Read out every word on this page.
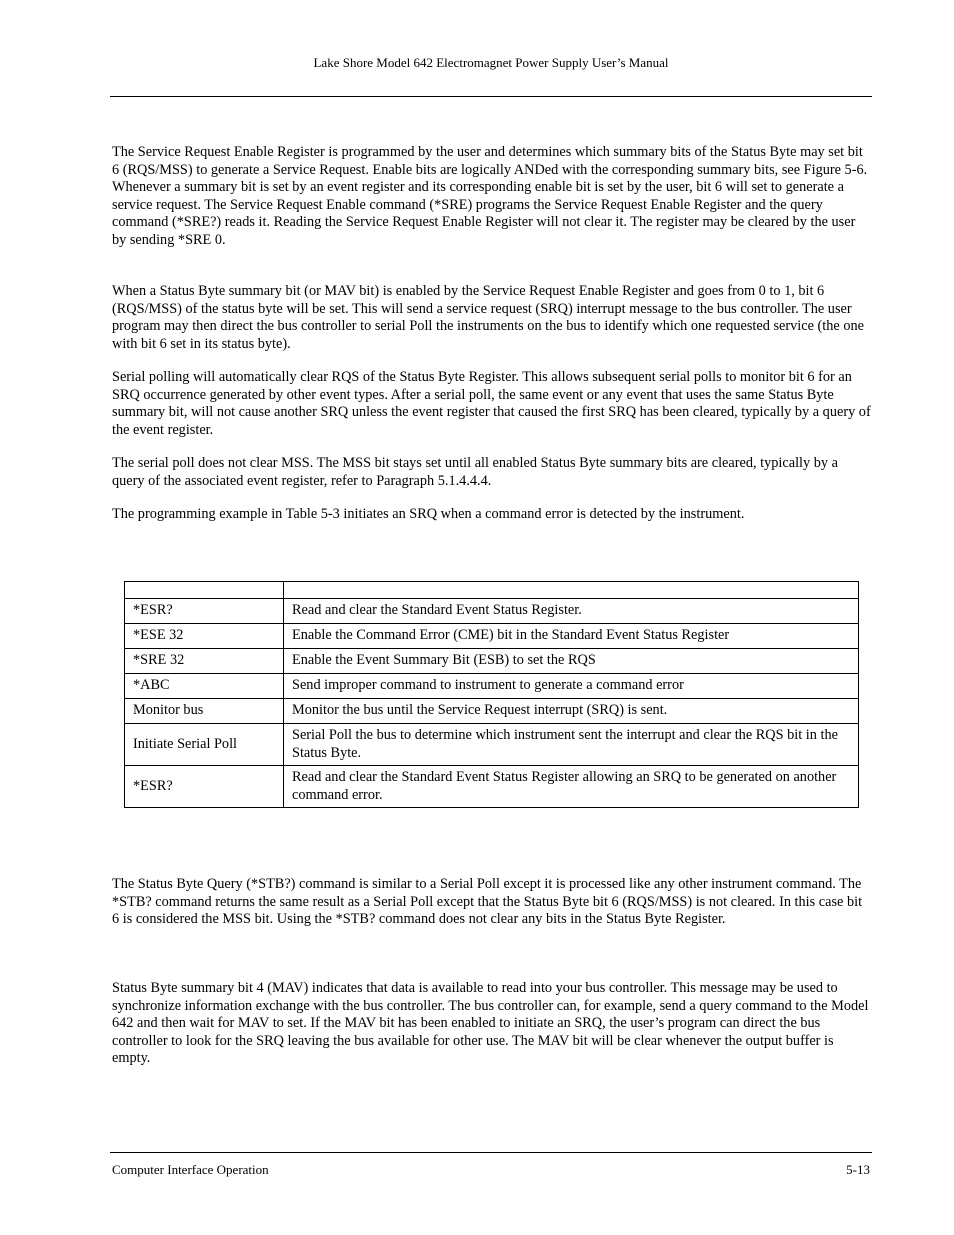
Lake Shore Model 642 Electromagnet Power Supply User’s Manual

The Service Request Enable Register is programmed by the user and determines which summary bits of the Status Byte may set bit 6 (RQS/MSS) to generate a Service Request. Enable bits are logically ANDed with the corresponding summary bits, see Figure 5-6. Whenever a summary bit is set by an event register and its corresponding enable bit is set by the user, bit 6 will set to generate a service request. The Service Request Enable command (*SRE) programs the Service Request Enable Register and the query command (*SRE?) reads it. Reading the Service Request Enable Register will not clear it. The register may be cleared by the user by sending *SRE 0.

When a Status Byte summary bit (or MAV bit) is enabled by the Service Request Enable Register and goes from 0 to 1, bit 6 (RQS/MSS) of the status byte will be set. This will send a service request (SRQ) interrupt message to the bus controller. The user program may then direct the bus controller to serial Poll the instruments on the bus to identify which one requested service (the one with bit 6 set in its status byte).

Serial polling will automatically clear RQS of the Status Byte Register. This allows subsequent serial polls to monitor bit 6 for an SRQ occurrence generated by other event types. After a serial poll, the same event or any event that uses the same Status Byte summary bit, will not cause another SRQ unless the event register that caused the first SRQ has been cleared, typically by a query of the event register.

The serial poll does not clear MSS. The MSS bit stays set until all enabled Status Byte summary bits are cleared, typically by a query of the associated event register, refer to Paragraph 5.1.4.4.4.

The programming example in Table 5-3 initiates an SRQ when a command error is detected by the instrument.

*ESR?	Read and clear the Standard Event Status Register.
*ESE 32	Enable the Command Error (CME) bit in the Standard Event Status Register
*SRE 32	Enable the Event Summary Bit (ESB) to set the RQS
*ABC	Send improper command to instrument to generate a command error
Monitor bus	Monitor the bus until the Service Request interrupt (SRQ) is sent.
Initiate Serial Poll	Serial Poll the bus to determine which instrument sent the interrupt and clear the RQS bit in the Status Byte.
*ESR?	Read and clear the Standard Event Status Register allowing an SRQ to be generated on another command error.

The Status Byte Query (*STB?) command is similar to a Serial Poll except it is processed like any other instrument command. The *STB? command returns the same result as a Serial Poll except that the Status Byte bit 6 (RQS/MSS) is not cleared. In this case bit 6 is considered the MSS bit. Using the *STB? command does not clear any bits in the Status Byte Register.

Status Byte summary bit 4 (MAV) indicates that data is available to read into your bus controller. This message may be used to synchronize information exchange with the bus controller. The bus controller can, for example, send a query command to the Model 642 and then wait for MAV to set. If the MAV bit has been enabled to initiate an SRQ, the user’s program can direct the bus controller to look for the SRQ leaving the bus available for other use. The MAV bit will be clear whenever the output buffer is empty.

Computer Interface Operation	5-13
